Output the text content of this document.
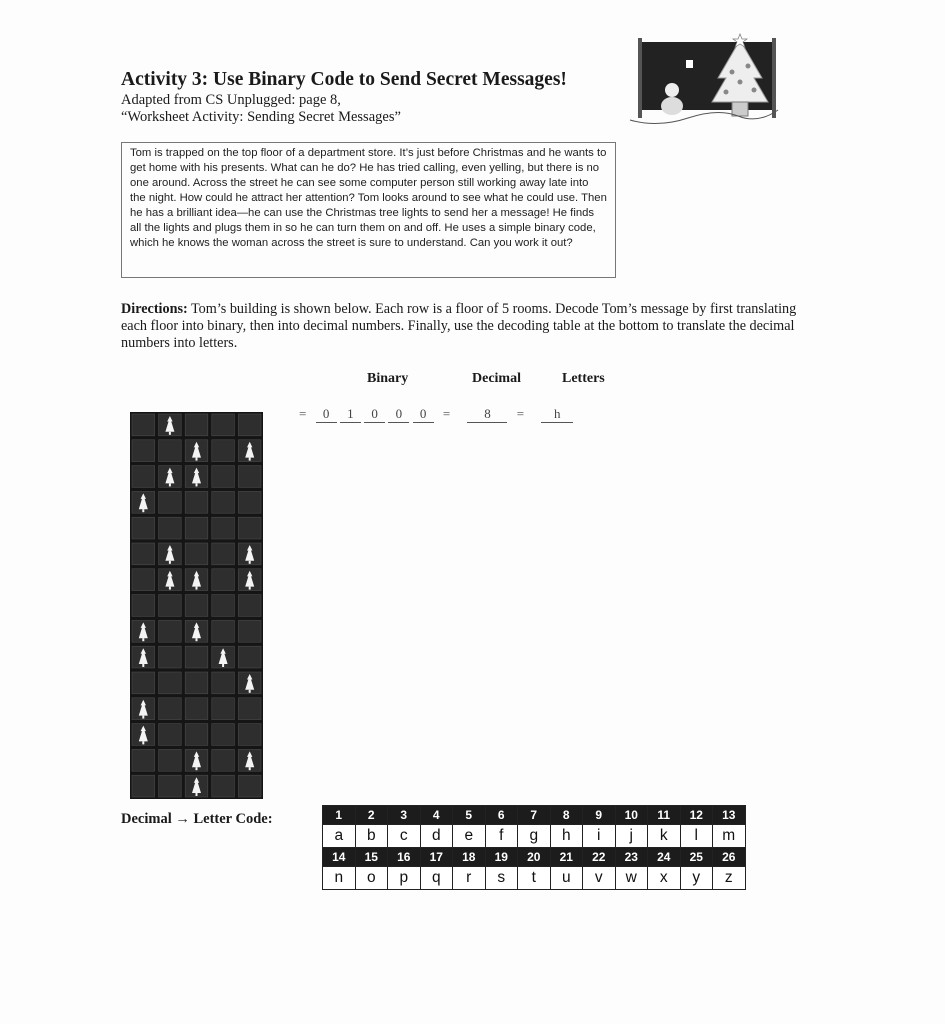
Activity 3: Use Binary Code to Send Secret Messages!
Adapted from CS Unplugged: page 8,
“Worksheet Activity: Sending Secret Messages”
Tom is trapped on the top floor of a department store. It’s just before Christmas and he wants to get home with his presents. What can he do? He has tried calling, even yelling, but there is no one around. Across the street he can see some computer person still working away late into the night. How could he attract her attention? Tom looks around to see what he could use. Then he has a brilliant idea—he can use the Christmas tree lights to send her a message! He finds all the lights and plugs them in so he can turn them on and off. He uses a simple binary code, which he knows the woman across the street is sure to understand. Can you work it out?
Directions: Tom’s building is shown below. Each row is a floor of 5 rooms. Decode Tom’s message by first translating each floor into binary, then into decimal numbers. Finally, use the decoding table at the bottom to translate the decimal numbers into letters.
Binary	Decimal	Letters
= 0 1 0 0 0 =	8 = h
Decimal → Letter Code:	1	2	3	4	5	6	7	8	9	10	11	12	13
a	b	c	d	e	f	g	h	i	j	k	l	m
14	15	16	17	18	19	20	21	22	23	24	25	26
n	o	p	q	r	s	t	u	v	w	x	y	z
